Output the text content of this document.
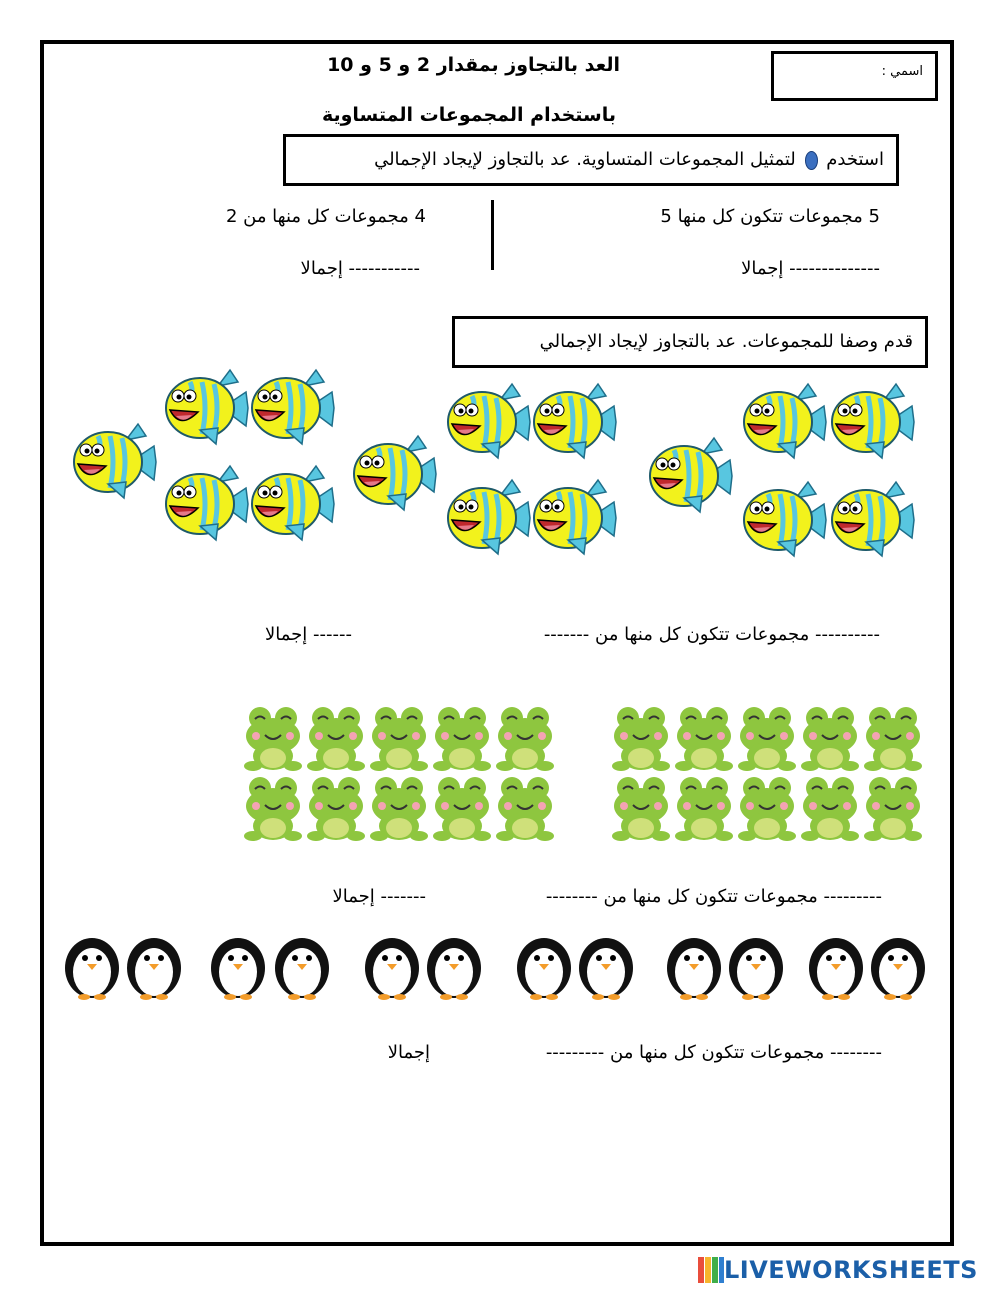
العد بالتجاوز بمقدار 2 و 5 و 10
باستخدام المجموعات المتساوية
اسمي :
استخدم  لتمثيل المجموعات المتساوية. عد بالتجاوز لإيجاد الإجمالي
5 مجموعات تتكون كل منها 5
-------------- إجمالا
4 مجموعات كل منها من 2
----------- إجمالا
قدم وصفا للمجموعات. عد بالتجاوز لإيجاد الإجمالي
---------- مجموعات تتكون كل منها من -------
------ إجمالا
--------- مجموعات تتكون كل منها من --------
------- إجمالا
-------- مجموعات تتكون كل منها من ---------
إجمالا
LIVEWORKSHEETS
